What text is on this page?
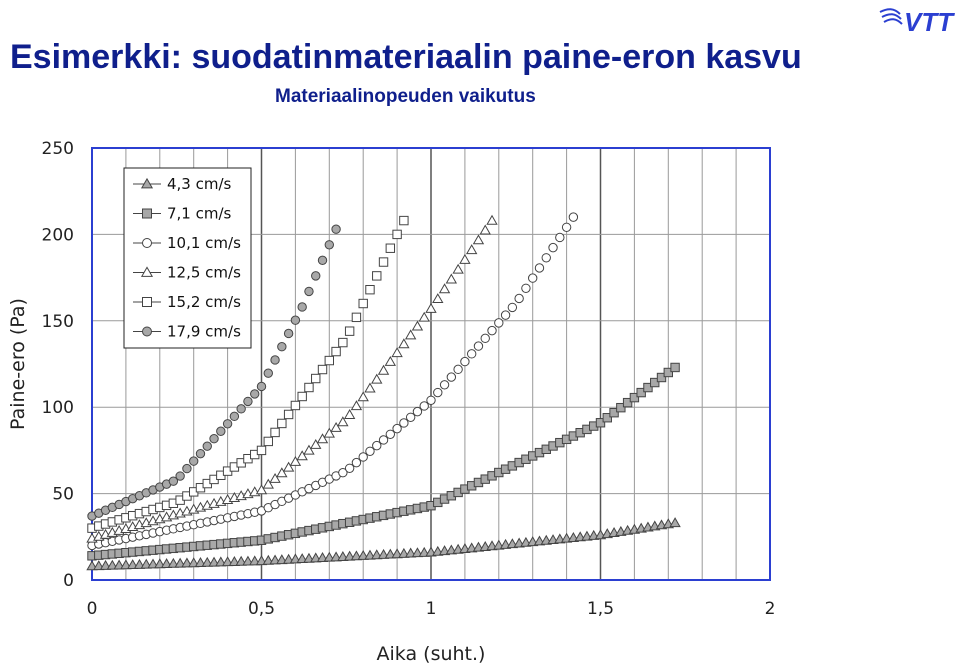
Esimerkki: suodatinmateriaalin paine-eron kasvu
Materiaalinopeuden vaikutus
VTT
0
50
100
150
200
250
0	0,5	1	1,5	2
Aika (suht.)
Paine-ero (Pa)
4,3 cm/s
7,1 cm/s
10,1 cm/s
12,5 cm/s
15,2 cm/s
17,9 cm/s
